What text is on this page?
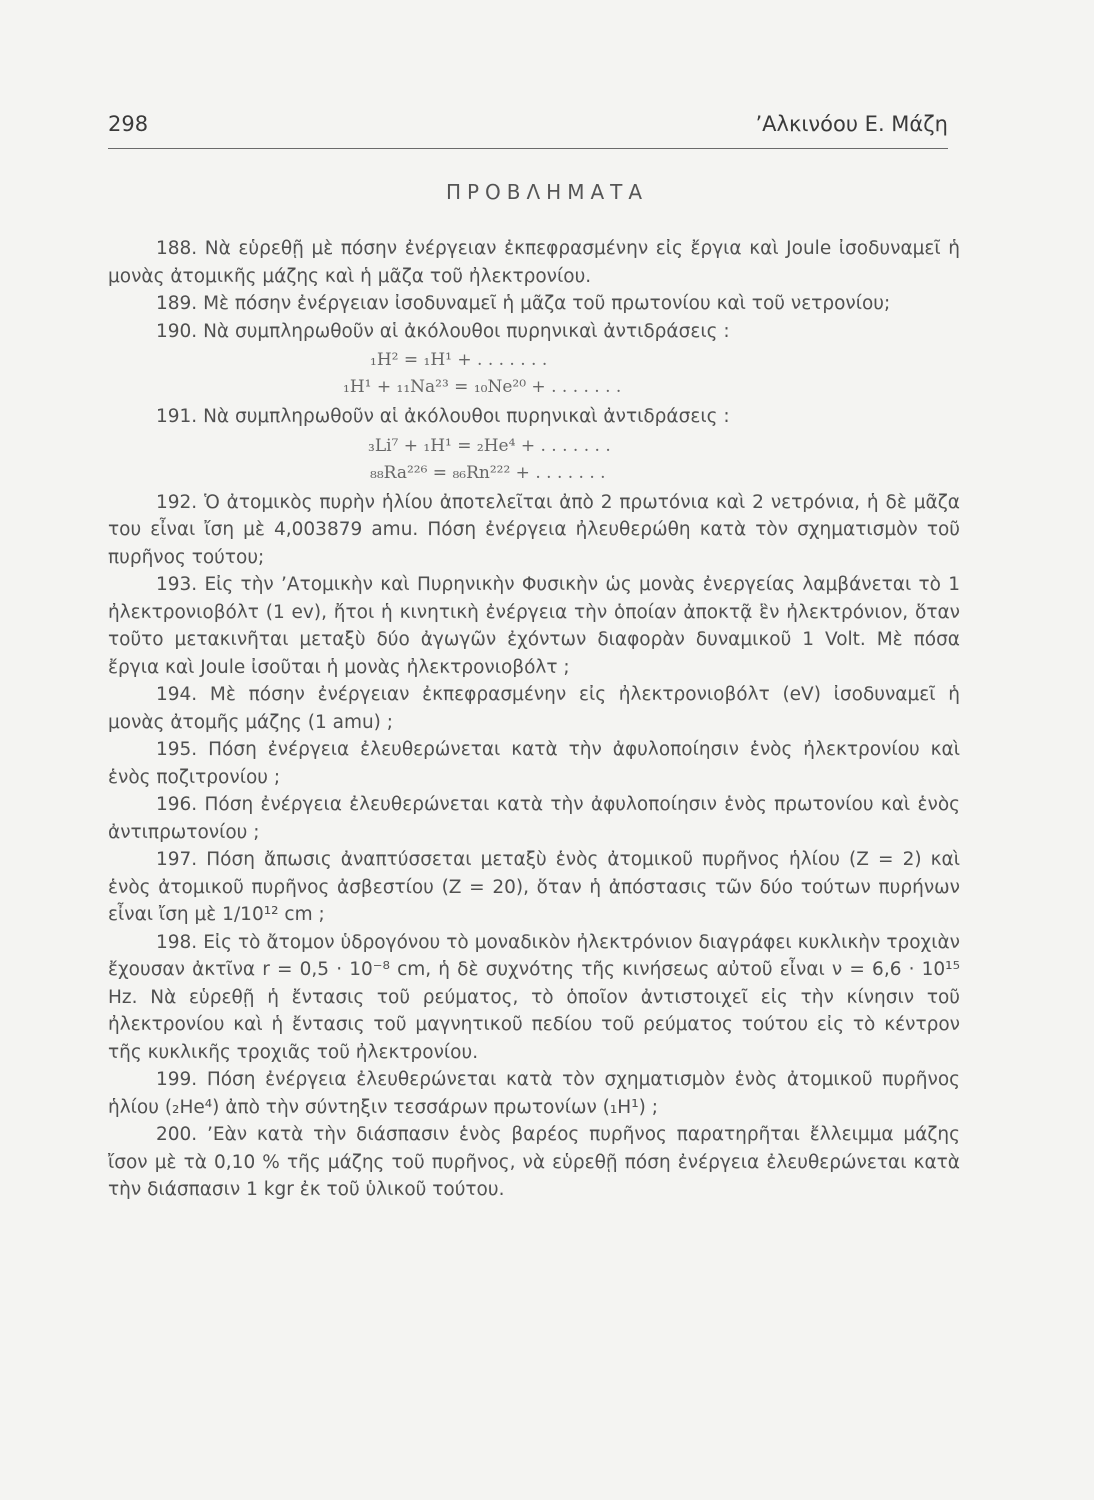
298	’Αλκινόου Ε. Μάζη
ΠΡΟΒΛΗΜΑΤΑ

188. Νὰ εὑρεθῇ μὲ πόσην ἐνέργειαν ἐκπεφρασμένην εἰς ἔργια καὶ Joule ἰσοδυναμεῖ ἡ μονὰς ἀτομικῆς μάζης καὶ ἡ μᾶζα τοῦ ἠλεκτρονίου.

189. Μὲ πόσην ἐνέργειαν ἰσοδυναμεῖ ἡ μᾶζα τοῦ πρωτονίου καὶ τοῦ νετρονίου;

190. Νὰ συμπληρωθοῦν αἱ ἀκόλουθοι πυρηνικαὶ ἀντιδράσεις :

₁H² = ₁H¹ + . . . . . . .
₁H¹ + ₁₁Na²³ = ₁₀Ne²⁰ + . . . . . . .

191. Νὰ συμπληρωθοῦν αἱ ἀκόλουθοι πυρηνικαὶ ἀντιδράσεις :

₃Li⁷ + ₁H¹ = ₂He⁴ + . . . . . . .
₈₈Ra²²⁶ = ₈₆Rn²²² + . . . . . . .

192. Ὁ ἀτομικὸς πυρὴν ἡλίου ἀποτελεῖται ἀπὸ 2 πρωτόνια καὶ 2 νετρόνια, ἡ δὲ μᾶζα του εἶναι ἴση μὲ 4,003879 amu. Πόση ἐνέργεια ἠλευθερώθη κατὰ τὸν σχηματισμὸν τοῦ πυρῆνος τούτου;

193. Εἰς τὴν ’Ατομικὴν καὶ Πυρηνικὴν Φυσικὴν ὡς μονὰς ἐνεργείας λαμβάνεται τὸ 1 ἠλεκτρονιοβόλτ (1 ev), ἤτοι ἡ κινητικὴ ἐνέργεια τὴν ὁποίαν ἀποκτᾷ ἓν ἠλεκτρόνιον, ὅταν τοῦτο μετακινῆται μεταξὺ δύο ἀγωγῶν ἐχόντων διαφορὰν δυναμικοῦ 1 Volt. Μὲ πόσα ἔργια καὶ Joule ἰσοῦται ἡ μονὰς ἠλεκτρονιοβόλτ ;

194. Μὲ πόσην ἐνέργειαν ἐκπεφρασμένην εἰς ἠλεκτρονιοβόλτ (eV) ἰσοδυναμεῖ ἡ μονὰς ἀτομῆς μάζης (1 amu) ;

195. Πόση ἐνέργεια ἐλευθερώνεται κατὰ τὴν ἀφυλοποίησιν ἑνὸς ἠλεκτρονίου καὶ ἑνὸς ποζιτρονίου ;

196. Πόση ἐνέργεια ἐλευθερώνεται κατὰ τὴν ἀφυλοποίησιν ἑνὸς πρωτονίου καὶ ἑνὸς ἀντιπρωτονίου ;

197. Πόση ἄπωσις ἀναπτύσσεται μεταξὺ ἑνὸς ἀτομικοῦ πυρῆνος ἡλίου (Z = 2) καὶ ἑνὸς ἀτομικοῦ πυρῆνος ἀσβεστίου (Z = 20), ὅταν ἡ ἀπόστασις τῶν δύο τούτων πυρήνων εἶναι ἴση μὲ 1/10¹² cm ;

198. Εἰς τὸ ἄτομον ὑδρογόνου τὸ μοναδικὸν ἠλεκτρόνιον διαγράφει κυκλικὴν τροχιὰν ἔχουσαν ἀκτῖνα r = 0,5 · 10⁻⁸ cm, ἡ δὲ συχνότης τῆς κινήσεως αὐτοῦ εἶναι ν = 6,6 · 10¹⁵ Hz. Νὰ εὑρεθῇ ἡ ἔντασις τοῦ ρεύματος, τὸ ὁποῖον ἀντιστοιχεῖ εἰς τὴν κίνησιν τοῦ ἠλεκτρονίου καὶ ἡ ἔντασις τοῦ μαγνητικοῦ πεδίου τοῦ ρεύματος τούτου εἰς τὸ κέντρον τῆς κυκλικῆς τροχιᾶς τοῦ ἠλεκτρονίου.

199. Πόση ἐνέργεια ἐλευθερώνεται κατὰ τὸν σχηματισμὸν ἑνὸς ἀτομικοῦ πυρῆνος ἡλίου (₂He⁴) ἀπὸ τὴν σύντηξιν τεσσάρων πρωτονίων (₁H¹) ;

200. ’Εὰν κατὰ τὴν διάσπασιν ἑνὸς βαρέος πυρῆνος παρατηρῆται ἔλλειμμα μάζης ἴσον μὲ τὰ 0,10 % τῆς μάζης τοῦ πυρῆνος, νὰ εὑρεθῇ πόση ἐνέργεια ἐλευθερώνεται κατὰ τὴν διάσπασιν 1 kgr ἐκ τοῦ ὑλικοῦ τούτου.
